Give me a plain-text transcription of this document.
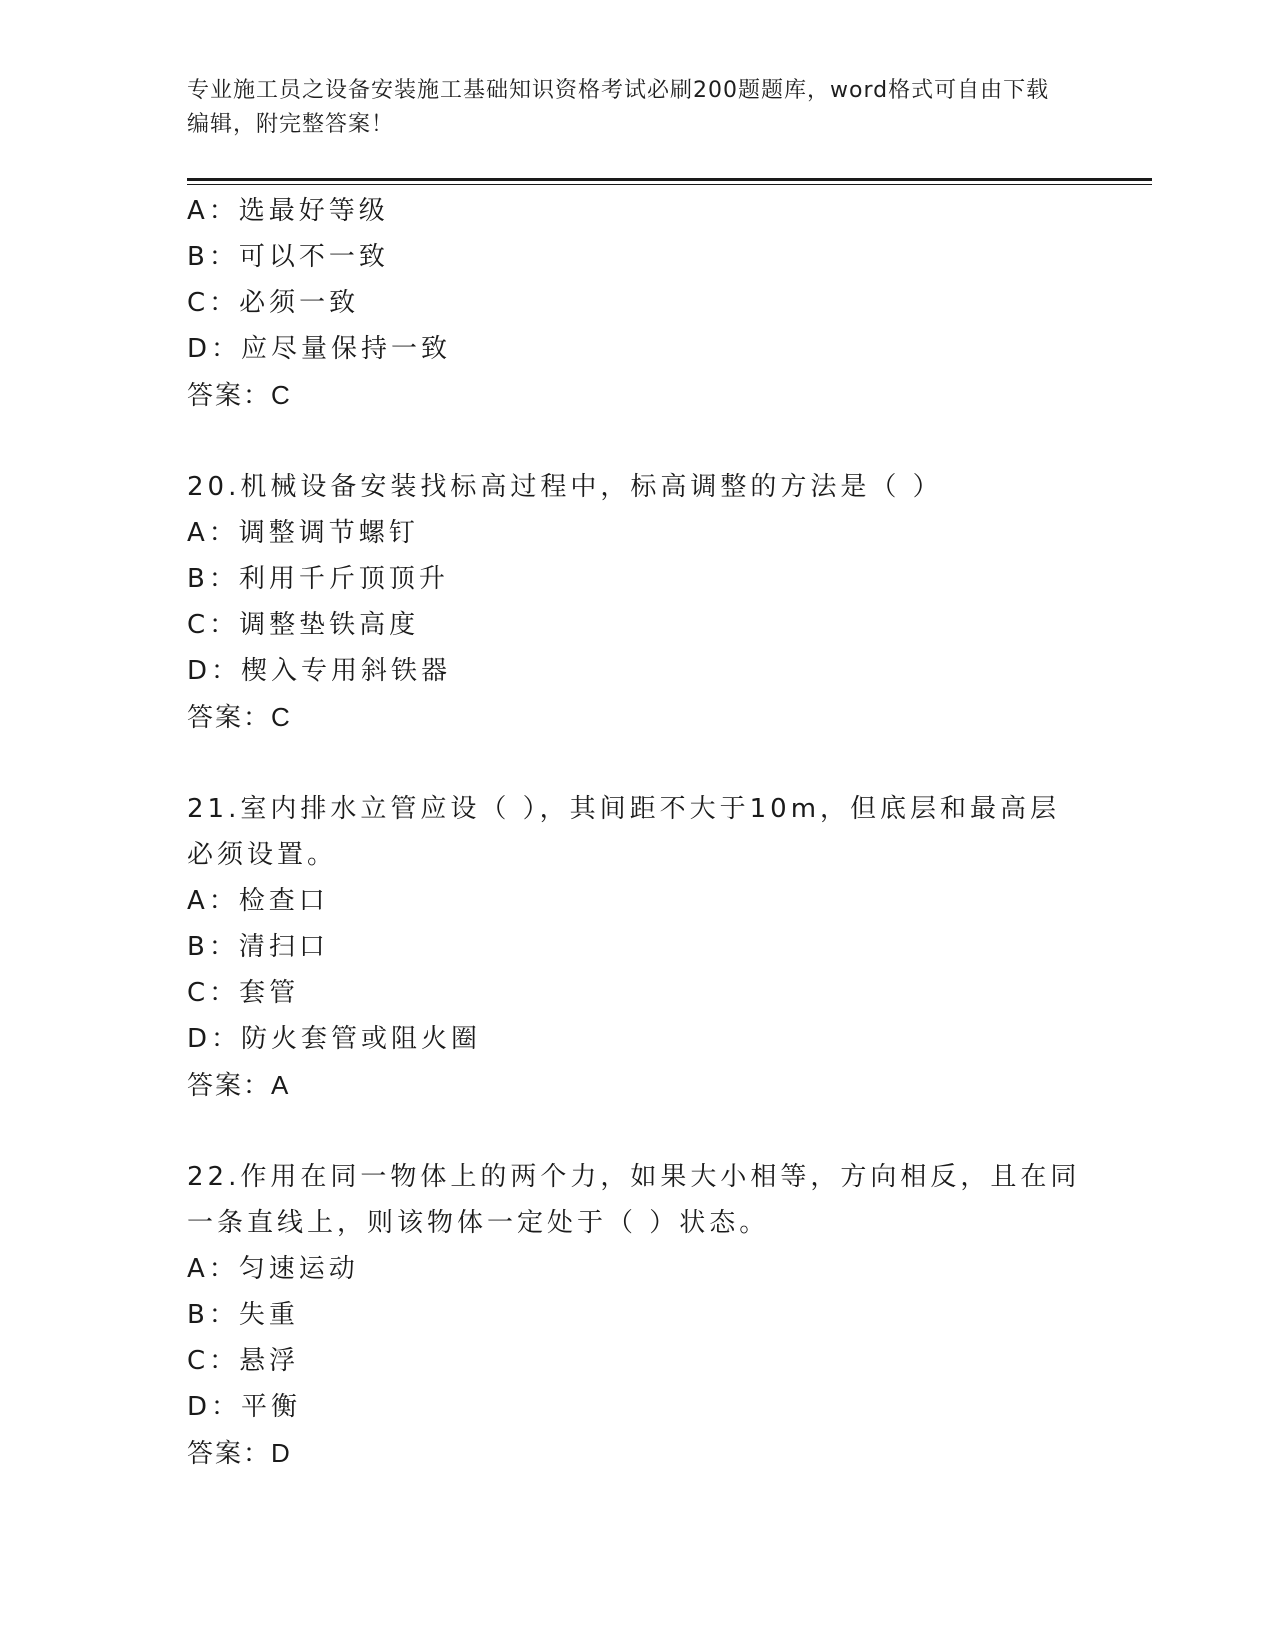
专业施工员之设备安装施工基础知识资格考试必刷200题题库，word格式可自由下载编辑，附完整答案！
A：选最好等级
B：可以不一致
C：必须一致
D：应尽量保持一致
答案：C
20.机械设备安装找标高过程中，标高调整的方法是（ ）
A：调整调节螺钉
B：利用千斤顶顶升
C：调整垫铁高度
D：楔入专用斜铁器
答案：C
21.室内排水立管应设（ ），其间距不大于10m，但底层和最高层必须设置。
A：检查口
B：清扫口
C：套管
D：防火套管或阻火圈
答案：A
22.作用在同一物体上的两个力，如果大小相等，方向相反，且在同一条直线上，则该物体一定处于（ ）状态。
A：匀速运动
B：失重
C：悬浮
D：平衡
答案：D
